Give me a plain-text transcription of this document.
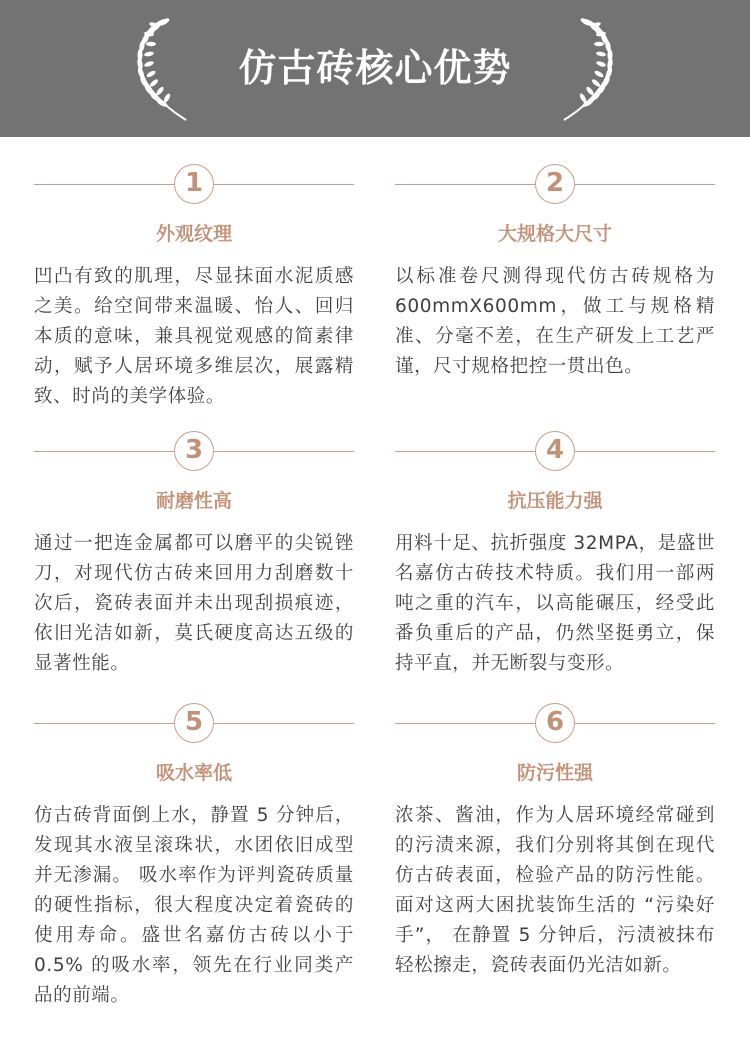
仿古砖核心优势
1
外观纹理
凹凸有致的肌理，尽显抹面水泥质感之美。给空间带来温暖、怡人、回归本质的意味，兼具视觉观感的简素律动，赋予人居环境多维层次，展露精致、时尚的美学体验。
2
大规格大尺寸
以标准卷尺测得现代仿古砖规格为600mmX600mm，做工与规格精准、分毫不差，在生产研发上工艺严谨，尺寸规格把控一贯出色。
3
耐磨性高
通过一把连金属都可以磨平的尖锐锉刀，对现代仿古砖来回用力刮磨数十次后，瓷砖表面并未出现刮损痕迹，依旧光洁如新，莫氏硬度高达五级的显著性能。
4
抗压能力强
用料十足、抗折强度 32MPA，是盛世名嘉仿古砖技术特质。我们用一部两吨之重的汽车，以高能碾压，经受此番负重后的产品，仍然坚挺勇立，保持平直，并无断裂与变形。
5
吸水率低
仿古砖背面倒上水，静置 5 分钟后，发现其水液呈滚珠状，水团依旧成型并无渗漏。 吸水率作为评判瓷砖质量的硬性指标，很大程度决定着瓷砖的使用寿命。盛世名嘉仿古砖以小于 0.5% 的吸水率，领先在行业同类产品的前端。
6
防污性强
浓茶、酱油，作为人居环境经常碰到的污渍来源，我们分别将其倒在现代仿古砖表面，检验产品的防污性能。面对这两大困扰装饰生活的 “污染好手”， 在静置 5 分钟后，污渍被抹布轻松擦走，瓷砖表面仍光洁如新。
